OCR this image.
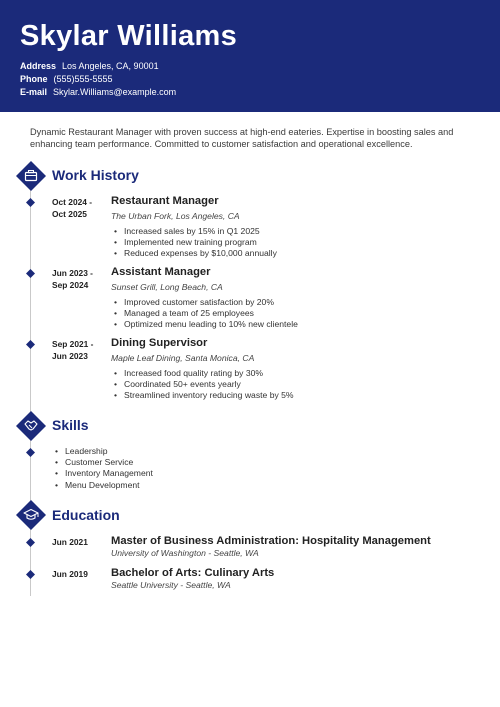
Skylar Williams
Address Los Angeles, CA, 90001
Phone (555)555-5555
E-mail Skylar.Williams@example.com
Dynamic Restaurant Manager with proven success at high-end eateries. Expertise in boosting sales and enhancing team performance. Committed to customer satisfaction and operational excellence.
Work History
Oct 2024 -
Oct 2025
Restaurant Manager
The Urban Fork, Los Angeles, CA
• Increased sales by 15% in Q1 2025
• Implemented new training program
• Reduced expenses by $10,000 annually
Jun 2023 -
Sep 2024
Assistant Manager
Sunset Grill, Long Beach, CA
• Improved customer satisfaction by 20%
• Managed a team of 25 employees
• Optimized menu leading to 10% new clientele
Sep 2021 -
Jun 2023
Dining Supervisor
Maple Leaf Dining, Santa Monica, CA
• Increased food quality rating by 30%
• Coordinated 50+ events yearly
• Streamlined inventory reducing waste by 5%
Skills
• Leadership
• Customer Service
• Inventory Management
• Menu Development
Education
Jun 2021 Master of Business Administration: Hospitality Management
University of Washington - Seattle, WA
Jun 2019 Bachelor of Arts: Culinary Arts
Seattle University - Seattle, WA
